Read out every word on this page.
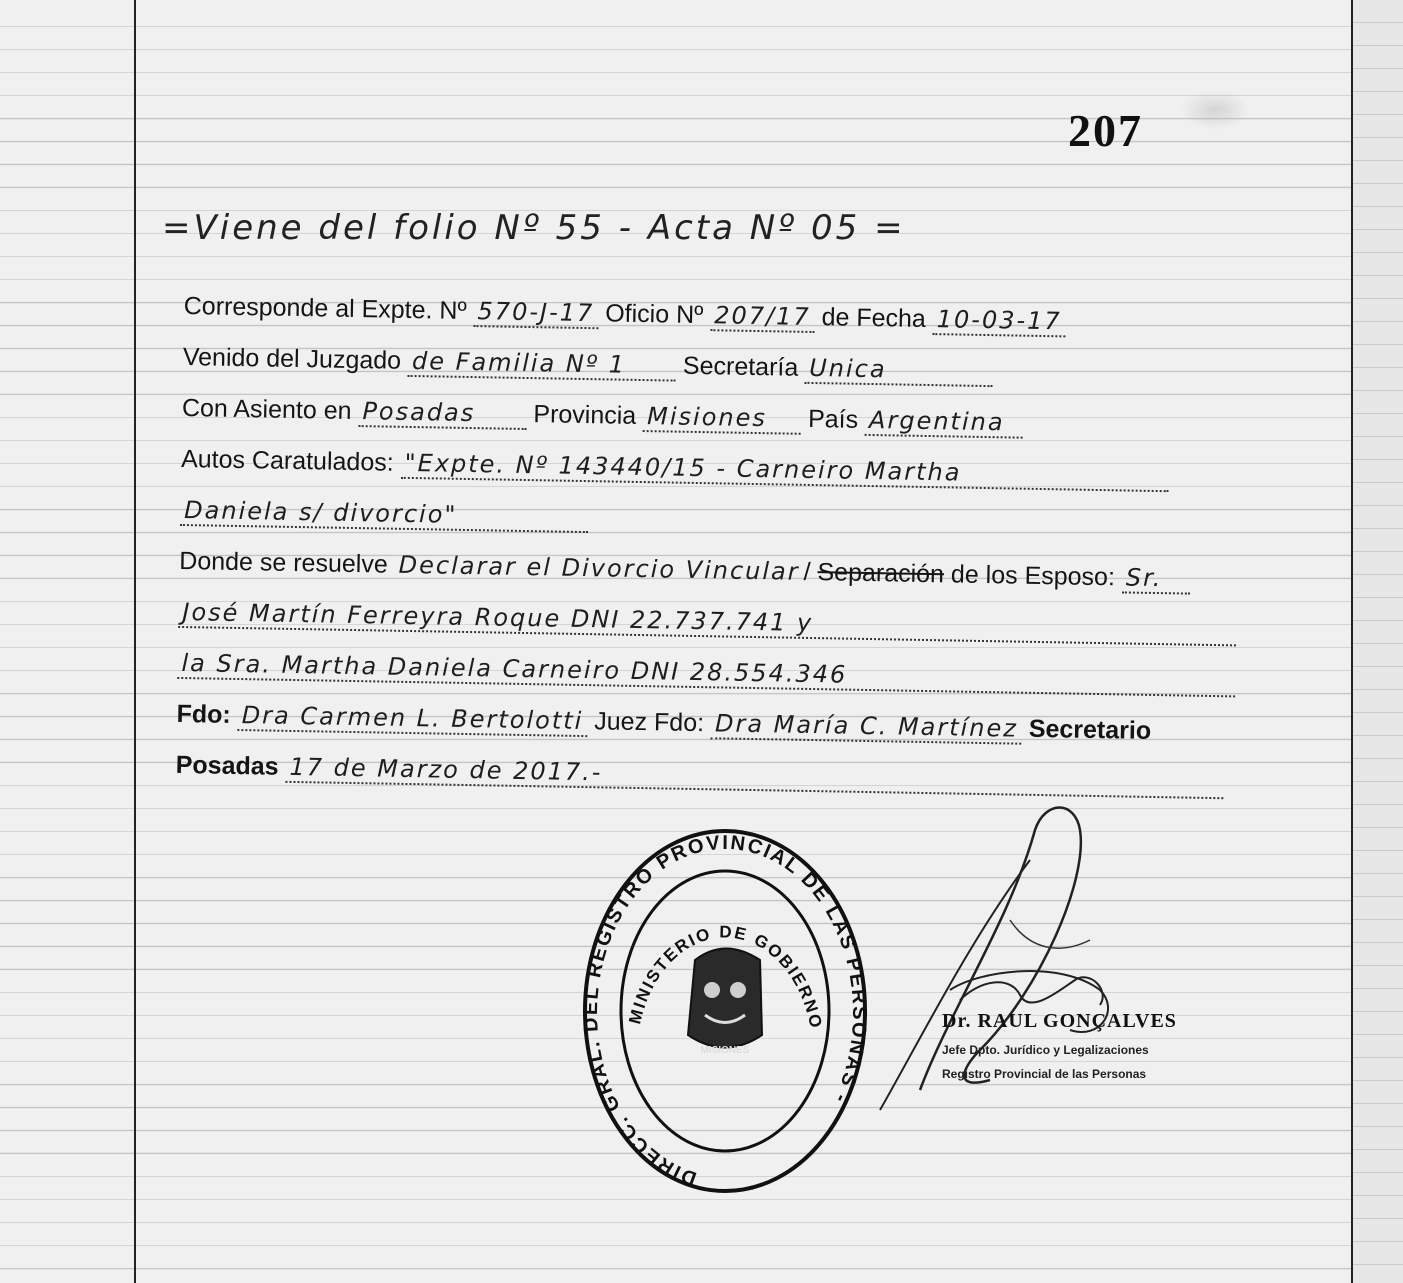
207
=Viene del folio Nº 55 - Acta Nº 05 =
Corresponde al Expte. Nº 570-J-17 Oficio Nº 207/17 de Fecha 10-03-17
Venido del Juzgado de Familia Nº 1 Secretaría Unica
Con Asiento en Posadas Provincia Misiones País Argentina
Autos Caratulados: "Expte. Nº 143440/15 - Carneiro Martha
Daniela s/ divorcio"
Donde se resuelve Declarar el Divorcio Vincular / Separación de los Esposo: Sr.
José Martín Ferreyra Roque DNI 22.737.741 y
la Sra. Martha Daniela Carneiro DNI 28.554.346
Fdo: Dra Carmen L. Bertolotti Juez Fdo: Dra María C. Martínez Secretario
Posadas 17 de Marzo de 2017.-
DIRECC. GRAL. DEL REGISTRO PROVINCIAL DE LAS PERSONAS -
MINISTERIO DE GOBIERNO
MISIONES
Dr. RAUL GONÇALVES
Jefe Dpto. Jurídico y Legalizaciones
Registro Provincial de las Personas
